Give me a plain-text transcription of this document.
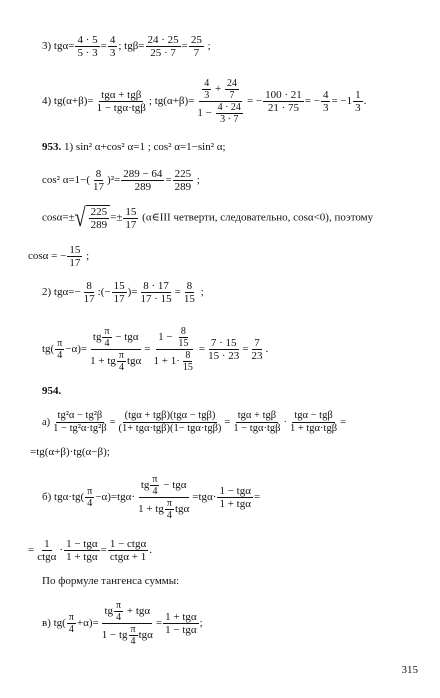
3) $tg\alpha= \frac{4 \cdot 5}{5 \cdot 3} = \frac{4}{3}$ ; $tg\beta= \frac{24 \cdot 25}{25 \cdot 7} = \frac{25}{7}$ ;
4) $tg(\alpha+\beta)= \frac{\text{tgα + tgβ}}{\text{1 − tgα·tgβ}}$ ; $tg(\alpha+\beta)= \frac{\frac{4}{3} + \frac{24}{7}}{1 - \frac{4 \cdot 24}{3 \cdot 7}}$ = − $\frac{100 \cdot 21}{21 \cdot 75}$ = − $\frac{4}{3} = -1 \frac{1}{3}$ .
953. 1) sin² α+cos² α=1 ; cos² α=1−sin² α;
cos² $\alpha=1-( \frac{8}{17} )^2= \frac{289 - 64}{289} = \frac{225}{289}$ ;
$\cos\alpha=\pm√ \frac{225}{289} =\pm \frac{15}{17}$ (α∈III четверти, следовательно, cosα<0), поэтому
cosα = − $\frac{15}{17}$ ;
2) $tg\alpha=- \frac{8}{17}$ :(− $\frac{15}{17}$ )= $\frac{8 \cdot 17}{17 \cdot 15} = \frac{8}{15}$ ;
$tg( \frac{\pi}{4} -\alpha)= \frac{tg \frac{\pi}{4} - tg\alpha}{1 + tg \frac{\pi}{4} tg\alpha} = \frac{1 - \frac{8}{15}}{1 + 1\cdot \frac{8}{15}} = \frac{7 \cdot 15}{15 \cdot 23} = \frac{7}{23}$ .
954.
$а) \frac{\text{tg²α − tg²β}}{\text{1 − tg²α·tg²β}} = \frac{\text{(tgα + tgβ)(tgα − tgβ)}}{\text{(1+ tgα·tgβ)(1− tgα·tgβ)}} = \frac{\text{tgα + tgβ}}{\text{1 − tgα·tgβ}} \cdot \frac{\text{tgα − tgβ}}{\text{1 + tgα·tgβ}}$ =
=tg(α+β)·tg(α−β);
б) $tg\alpha\cdot tg( \frac{\pi}{4} -\alpha)=tg\alpha\cdot \frac{tg \frac{\pi}{4} - tg\alpha}{1 + tg \frac{\pi}{4} tg\alpha} =tg\alpha\cdot \frac{\text{1 − tgα}}{\text{1 + tgα}}$ =
= $\frac{1}{\text{ctgα}} \cdot \frac{\text{1 − tgα}}{\text{1 + tgα}} = \frac{\text{1 − ctgα}}{\text{ctgα + 1}}$ .
По формуле тангенса суммы:
в) $tg( \frac{\pi}{4} +\alpha)= \frac{tg \frac{\pi}{4} + tg\alpha}{1 - tg \frac{\pi}{4} tg\alpha} = \frac{\text{1 + tgα}}{\text{1 − tgα}}$ ;
315
